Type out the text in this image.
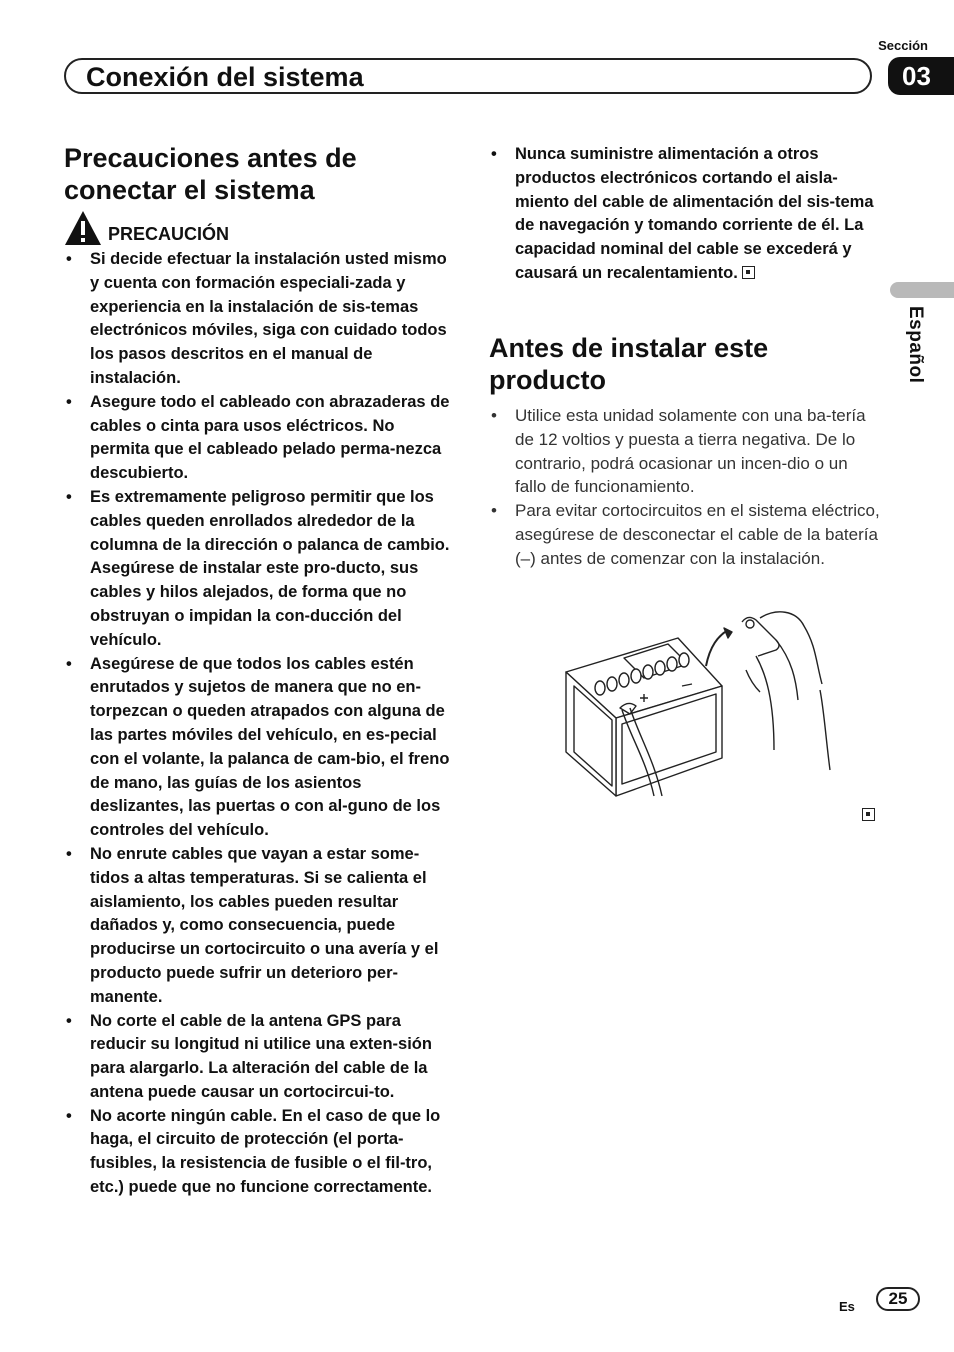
Sección
Conexión del sistema	03
Español
Precauciones antes de conectar el sistema
PRECAUCIÓN
• Si decide efectuar la instalación usted mismo y cuenta con formación especiali-zada y experiencia en la instalación de sis-temas electrónicos móviles, siga con cuidado todos los pasos descritos en el manual de instalación.
• Asegure todo el cableado con abrazaderas de cables o cinta para usos eléctricos. No permita que el cableado pelado perma-nezca descubierto.
• Es extremamente peligroso permitir que los cables queden enrollados alrededor de la columna de la dirección o palanca de cambio. Asegúrese de instalar este pro-ducto, sus cables y hilos alejados, de forma que no obstruyan o impidan la con-ducción del vehículo.
• Asegúrese de que todos los cables estén enrutados y sujetos de manera que no en-torpezcan o queden atrapados con alguna de las partes móviles del vehículo, en es-pecial con el volante, la palanca de cam-bio, el freno de mano, las guías de los asientos deslizantes, las puertas o con al-guno de los controles del vehículo.
• No enrute cables que vayan a estar some-tidos a altas temperaturas. Si se calienta el aislamiento, los cables pueden resultar dañados y, como consecuencia, puede producirse un cortocircuito o una avería y el producto puede sufrir un deterioro per-manente.
• No corte el cable de la antena GPS para reducir su longitud ni utilice una exten-sión para alargarlo. La alteración del cable de la antena puede causar un cortocircui-to.
• No acorte ningún cable. En el caso de que lo haga, el circuito de protección (el porta-fusibles, la resistencia de fusible o el fil-tro, etc.) puede que no funcione correctamente.
• Nunca suministre alimentación a otros productos electrónicos cortando el aisla-miento del cable de alimentación del sis-tema de navegación y tomando corriente de él. La capacidad nominal del cable se excederá y causará un recalentamiento.
Antes de instalar este producto
• Utilice esta unidad solamente con una ba-tería de 12 voltios y puesta a tierra negativa. De lo contrario, podrá ocasionar un incen-dio o un fallo de funcionamiento.
• Para evitar cortocircuitos en el sistema eléctrico, asegúrese de desconectar el cable de la batería (–) antes de comenzar con la instalación.
Es	25
